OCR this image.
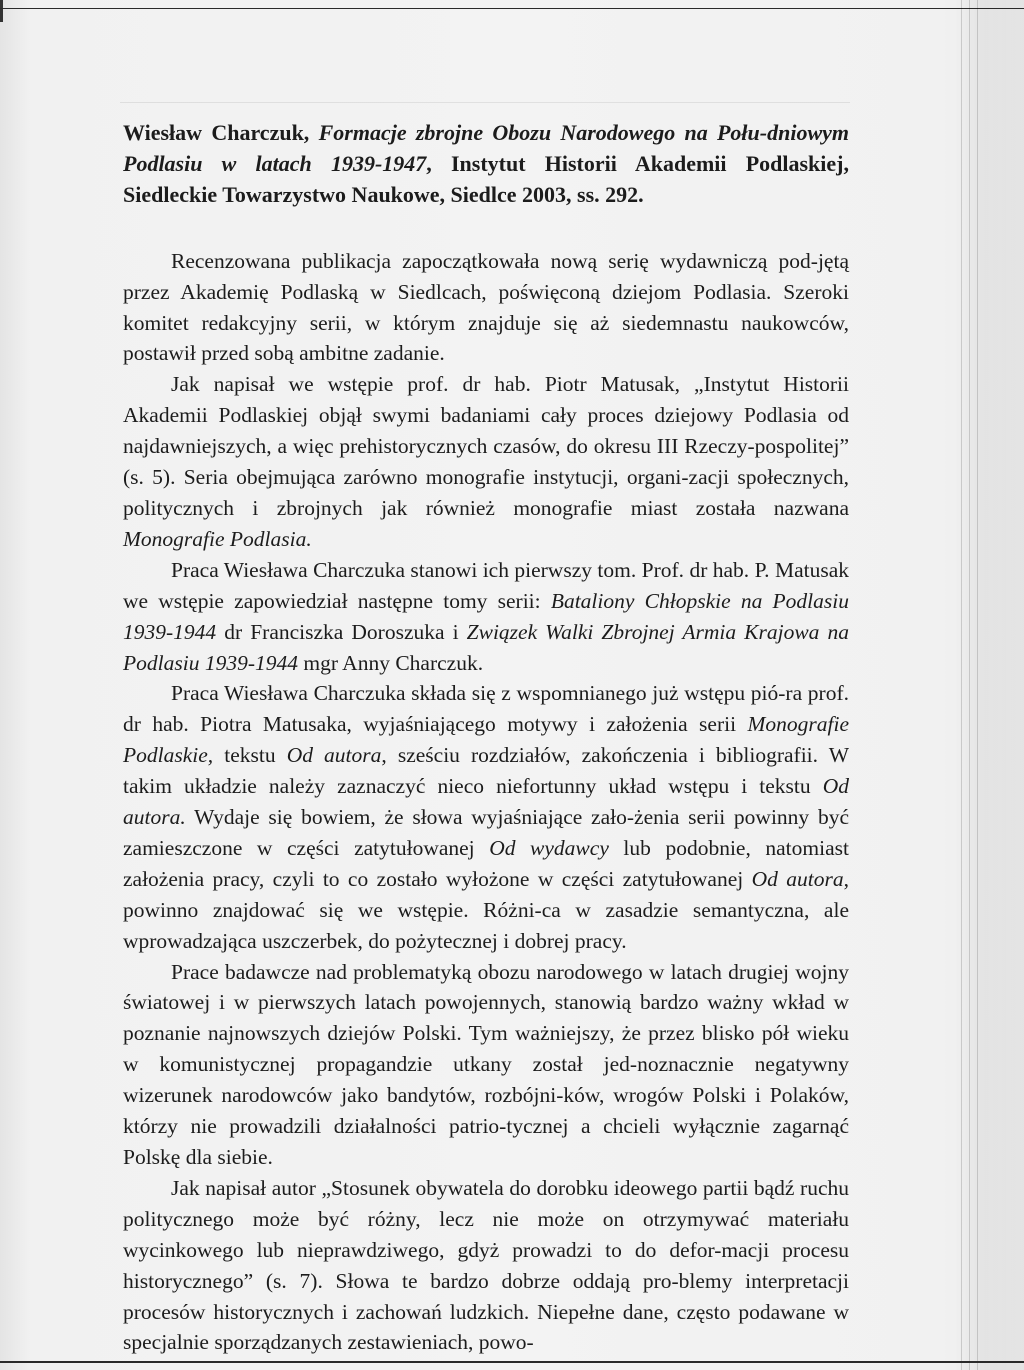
Wiesław Charczuk, Formacje zbrojne Obozu Narodowego na Połu-dniowym Podlasiu w latach 1939-1947, Instytut Historii Akademii Podlaskiej, Siedleckie Towarzystwo Naukowe, Siedlce 2003, ss. 292.

Recenzowana publikacja zapoczątkowała nową serię wydawniczą pod-jętą przez Akademię Podlaską w Siedlcach, poświęconą dziejom Podlasia. Szeroki komitet redakcyjny serii, w którym znajduje się aż siedemnastu naukowców, postawił przed sobą ambitne zadanie.

Jak napisał we wstępie prof. dr hab. Piotr Matusak, „Instytut Historii Akademii Podlaskiej objął swymi badaniami cały proces dziejowy Podlasia od najdawniejszych, a więc prehistorycznych czasów, do okresu III Rzeczy-pospolitej” (s. 5). Seria obejmująca zarówno monografie instytucji, organi-zacji społecznych, politycznych i zbrojnych jak również monografie miast została nazwana Monografie Podlasia.

Praca Wiesława Charczuka stanowi ich pierwszy tom. Prof. dr hab. P. Matusak we wstępie zapowiedział następne tomy serii: Bataliony Chłopskie na Podlasiu 1939-1944 dr Franciszka Doroszuka i Związek Walki Zbrojnej Armia Krajowa na Podlasiu 1939-1944 mgr Anny Charczuk.

Praca Wiesława Charczuka składa się z wspomnianego już wstępu pió-ra prof. dr hab. Piotra Matusaka, wyjaśniającego motywy i założenia serii Monografie Podlaskie, tekstu Od autora, sześciu rozdziałów, zakończenia i bibliografii. W takim układzie należy zaznaczyć nieco niefortunny układ wstępu i tekstu Od autora. Wydaje się bowiem, że słowa wyjaśniające zało-żenia serii powinny być zamieszczone w części zatytułowanej Od wydawcy lub podobnie, natomiast założenia pracy, czyli to co zostało wyłożone w części zatytułowanej Od autora, powinno znajdować się we wstępie. Różni-ca w zasadzie semantyczna, ale wprowadzająca uszczerbek, do pożytecznej i dobrej pracy.

Prace badawcze nad problematyką obozu narodowego w latach drugiej wojny światowej i w pierwszych latach powojennych, stanowią bardzo ważny wkład w poznanie najnowszych dziejów Polski. Tym ważniejszy, że przez blisko pół wieku w komunistycznej propagandzie utkany został jed-noznacznie negatywny wizerunek narodowców jako bandytów, rozbójni-ków, wrogów Polski i Polaków, którzy nie prowadzili działalności patrio-tycznej a chcieli wyłącznie zagarnąć Polskę dla siebie.

Jak napisał autor „Stosunek obywatela do dorobku ideowego partii bądź ruchu politycznego może być różny, lecz nie może on otrzymywać materiału wycinkowego lub nieprawdziwego, gdyż prowadzi to do defor-macji procesu historycznego” (s. 7). Słowa te bardzo dobrze oddają pro-blemy interpretacji procesów historycznych i zachowań ludzkich. Niepełne dane, często podawane w specjalnie sporządzanych zestawieniach, powo-
